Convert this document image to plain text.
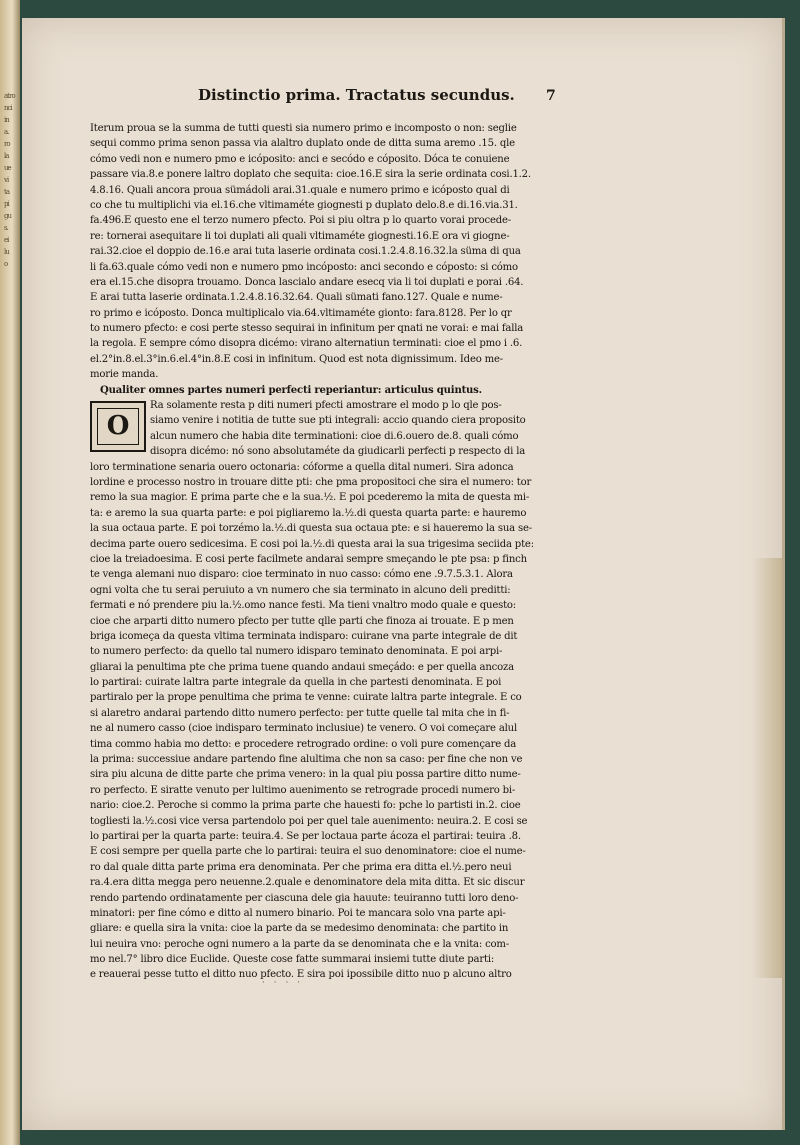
atro
nci
in
a.
ro
la
ue
vi
ta
pi
gu
s.
ei
lu
o
Distinctio prima. Tractatus secundus.	7
Iterum proua se la summa de tutti questi sia numero primo e incomposto o non: seglie
sequi commo prima senon passa via alaltro duplato onde de ditta suma aremo .15. qle
cómo vedi non e numero pmo e icóposito: anci e secódo e cóposito. Dóca te conuiene
passare via.8.e ponere laltro doplato che sequita: cioe.16.E sira la serie ordinata cosi.1.2.
4.8.16. Quali ancora proua sümádoli arai.31.quale e numero primo e icóposto qual di
co che tu multiplichi via el.16.che vltimaméte giognesti p duplato delo.8.e di.16.via.31.
fa.496.E questo ene el terzo numero pfecto. Poi si piu oltra p lo quarto vorai procede-
re: tornerai asequitare li toi duplati ali quali vltimaméte giognesti.16.E ora vi giogne-
rai.32.cioe el doppio de.16.e arai tuta laserie ordinata cosi.1.2.4.8.16.32.la süma di qua
li fa.63.quale cómo vedi non e numero pmo incóposto: anci secondo e cóposto: si cómo
era el.15.che disopra trouamo. Donca lascialo andare esecq via li toi duplati e porai .64.
E arai tutta laserie ordinata.1.2.4.8.16.32.64. Quali sümati fano.127. Quale e nume-
ro primo e icóposto. Donca multiplicalo via.64.vltimaméte gionto: fara.8128. Per lo qr
to numero pfecto: e cosi perte stesso sequirai in infinitum per qnati ne vorai: e mai falla
la regola. E sempre cómo disopra dicémo: virano alternatiun terminati: cioe el pmo i .6.
el.2°in.8.el.3°in.6.el.4°in.8.E cosi in infinitum. Quod est nota dignissimum. Ideo me-
morie manda.
Qualiter omnes partes numeri perfecti reperiantur: articulus quintus.
O
Ra solamente resta p diti numeri pfecti amostrare el modo p lo qle pos-
siamo venire i notitia de tutte sue pti integrali: accio quando ciera proposito
alcun numero che habia dite terminationi: cioe di.6.ouero de.8. quali cómo
disopra dicémo: nó sono absolutaméte da giudicarli perfecti p respecto di la
loro terminatione senaria ouero octonaria: cóforme a quella dital numeri. Sira adonca
lordine e processo nostro in trouare ditte pti: che pma propositoci che sira el numero: tor
remo la sua magior. E prima parte che e la sua.½. E poi pcederemo la mita de questa mi-
ta: e aremo la sua quarta parte: e poi pigliaremo la.½.di questa quarta parte: e hauremo
la sua octaua parte. E poi torzémo la.½.di questa sua octaua pte: e si haueremo la sua se-
decima parte ouero sedicesima. E cosi poi la.½.di questa arai la sua trigesima seciida pte:
cioe la treiadoesima. E cosi perte facilmete andarai sempre smeçando le pte psa: p finch
te venga alemani nuo disparo: cioe terminato in nuo casso: cómo ene .9.7.5.3.1. Alora
ogni volta che tu serai peruiuto a vn numero che sia terminato in alcuno deli preditti:
fermati e nó prendere piu la.½.omo nance festi. Ma tieni vnaltro modo quale e questo:
cioe che arparti ditto numero pfecto per tutte qlle parti che finoza ai trouate. E p men
briga icomeça da questa vltima terminata indisparo: cuirane vna parte integrale de dit
to numero perfecto: da quello tal numero idisparo teminato denominata. E poi arpi-
gliarai la penultima pte che prima tuene quando andaui smeçádo: e per quella ancoza
lo partirai: cuirate laltra parte integrale da quella in che partesti denominata. E poi
partiralo per la prope penultima che prima te venne: cuirate laltra parte integrale. E co
si alaretro andarai partendo ditto numero perfecto: per tutte quelle tal mita che in fi-
ne al numero casso (cioe indisparo terminato inclusiue) te venero. O voi começare alul
tima commo habia mo detto: e procedere retrogrado ordine: o voli pure començare da
la prima: successiue andare partendo fine alultima che non sa caso: per fine che non ve
sira piu alcuna de ditte parte che prima venero: in la qual piu possa partire ditto nume-
ro perfecto. E siratte venuto per lultimo auenimento se retrograde procedi numero bi-
nario: cioe.2. Perochе si commo la prima parte che hauesti fo: pche lo partisti in.2. cioe
togliesti la.½.cosi vice versa partendolo poi per quel tale auenimento: neuira.2. E cosi se
lo partirai per la quarta parte: teuira.4. Se per loctaua parte ácoza el partirai: teuira .8.
E cosi sempre per quella parte che lo partirai: teuira el suo denominatore: cioe el nume-
ro dal quale ditta parte prima era denominata. Per che prima era ditta el.½.pero neui
ra.4.era ditta megga pero neuenne.2.quale e denominatore dela mita ditta. Et sic discur
rendo partendo ordinatamente per ciascuna dele gia hauute: teuiranno tutti loro deno-
minatori: per fine cómo e ditto al numero binario. Poi te mancara solo vna parte api-
gliare: e quella sira la vnita: cioe la parte da se medesimo denominata: che partito in
lui neuira vno: peroche ogni numero a la parte da se denominata che e la vnita: com-
mo nel.7° libro dice Euclide. Queste cose fatte summarai insiemi tutte diute parti:
e reauerai pesse tutto el ditto nuo pfecto. E sira poi ipossibile ditto nuo p alcuno altro
· · · ·
